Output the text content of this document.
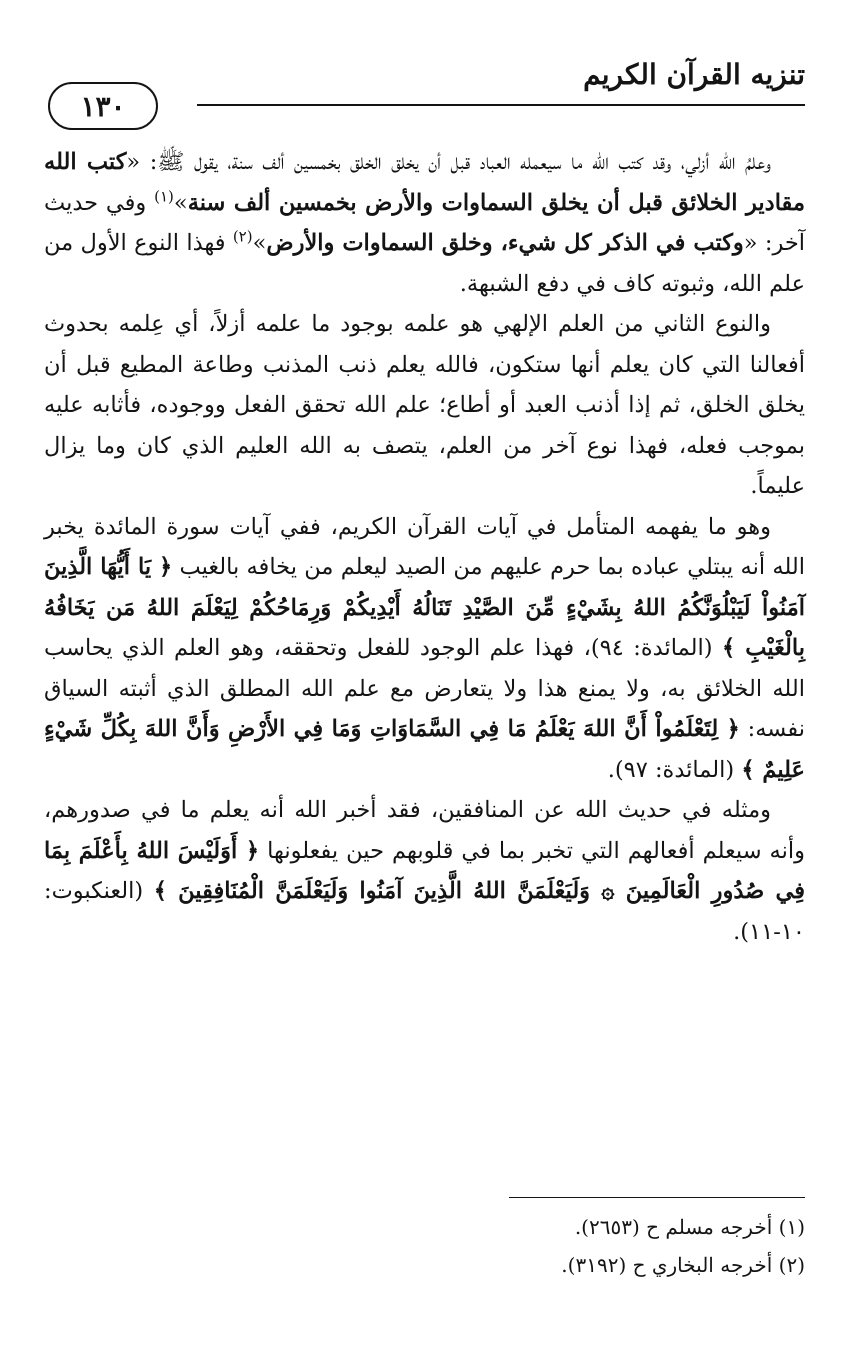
تنزيه القرآن الكريم
١٣٠

وعلمُ الله أزلي، وقد كتب الله ما سيعمله العباد قبل أن يخلق الخلق بخمسين ألف سنة، يقول ﷺ: «كتب الله مقادير الخلائق قبل أن يخلق السماوات والأرض بخمسين ألف سنة»$^{(١)}$ وفي حديث آخر: «وكتب في الذكر كل شيء، وخلق السماوات والأرض»$^{(٢)}$ فهذا النوع الأول من علم الله، وثبوته كاف في دفع الشبهة.

والنوع الثاني من العلم الإلهي هو علمه بوجود ما علمه أزلاً، أي عِلمه بحدوث أفعالنا التي كان يعلم أنها ستكون، فالله يعلم ذنب المذنب وطاعة المطيع قبل أن يخلق الخلق، ثم إذا أذنب العبد أو أطاع؛ علم الله تحقق الفعل ووجوده، فأثابه عليه بموجب فعله، فهذا نوع آخر من العلم، يتصف به الله العليم الذي كان وما يزال عليماً.

وهو ما يفهمه المتأمل في آيات القرآن الكريم، ففي آيات سورة المائدة يخبر الله أنه يبتلي عباده بما حرم عليهم من الصيد ليعلم من يخافه بالغيب ﴿ يَا أَيُّهَا الَّذِينَ آمَنُواْ لَيَبْلُوَنَّكُمُ اللهُ بِشَيْءٍ مِّنَ الصَّيْدِ تَنَالُهُ أَيْدِيكُمْ وَرِمَاحُكُمْ لِيَعْلَمَ اللهُ مَن يَخَافُهُ بِالْغَيْبِ ﴾ (المائدة: ٩٤)، فهذا علم الوجود للفعل وتحققه، وهو العلم الذي يحاسب الله الخلائق به، ولا يمنع هذا ولا يتعارض مع علم الله المطلق الذي أثبته السياق نفسه: ﴿ لِتَعْلَمُواْ أَنَّ اللهَ يَعْلَمُ مَا فِي السَّمَاوَاتِ وَمَا فِي الأَرْضِ وَأَنَّ اللهَ بِكُلِّ شَيْءٍ عَلِيمٌ ﴾ (المائدة: ٩٧).

ومثله في حديث الله عن المنافقين، فقد أخبر الله أنه يعلم ما في صدورهم، وأنه سيعلم أفعالهم التي تخبر بما في قلوبهم حين يفعلونها ﴿ أَوَلَيْسَ اللهُ بِأَعْلَمَ بِمَا فِي صُدُورِ الْعَالَمِينَ ۞ وَلَيَعْلَمَنَّ اللهُ الَّذِينَ آمَنُوا وَلَيَعْلَمَنَّ الْمُنَافِقِينَ ﴾ (العنكبوت: ١٠-١١).

(١) أخرجه مسلم ح (٢٦٥٣).
(٢) أخرجه البخاري ح (٣١٩٢).
